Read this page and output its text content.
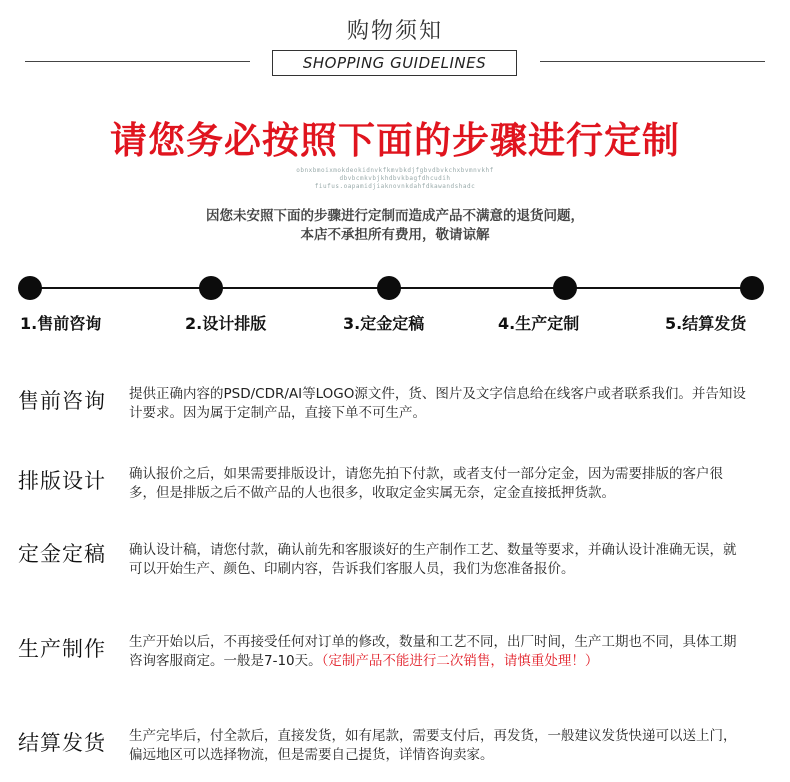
购物须知
SHOPPING GUIDELINES
请您务必按照下面的步骤进行定制
obnxbmoixmokdeokidnvkfkmvbkdjfgbvdbvkchxbvmnvkhf
dbvbcmkvbjkhdbvkbagfdhcudih
fiufus.oapamidjiaknovnkdahfdkawandshadc
因您未安照下面的步骤进行定制而造成产品不满意的退货问题，
本店不承担所有费用，敬请谅解
1.售前咨询	2.设计排版	3.定金定稿	4.生产定制	5.结算发货
售前咨询 提供正确内容的PSD/CDR/AI等LOGO源文件，货、图片及文字信息给在线客户或者联系我们。并告知设计要求。因为属于定制产品，直接下单不可生产。
排版设计 确认报价之后，如果需要排版设计，请您先拍下付款，或者支付一部分定金，因为需要排版的客户很多，但是排版之后不做产品的人也很多，收取定金实属无奈，定金直接抵押货款。
定金定稿 确认设计稿，请您付款，确认前先和客服谈好的生产制作工艺、数量等要求，并确认设计准确无误，就可以开始生产、颜色、印刷内容，告诉我们客服人员，我们为您准备报价。
生产制作 生产开始以后，不再接受任何对订单的修改，数量和工艺不同，出厂时间，生产工期也不同，具体工期咨询客服商定。一般是7-10天。（定制产品不能进行二次销售，请慎重处理！）
结算发货 生产完毕后，付全款后，直接发货，如有尾款，需要支付后，再发货，一般建议发货快递可以送上门，偏远地区可以选择物流，但是需要自己提货，详情咨询卖家。
